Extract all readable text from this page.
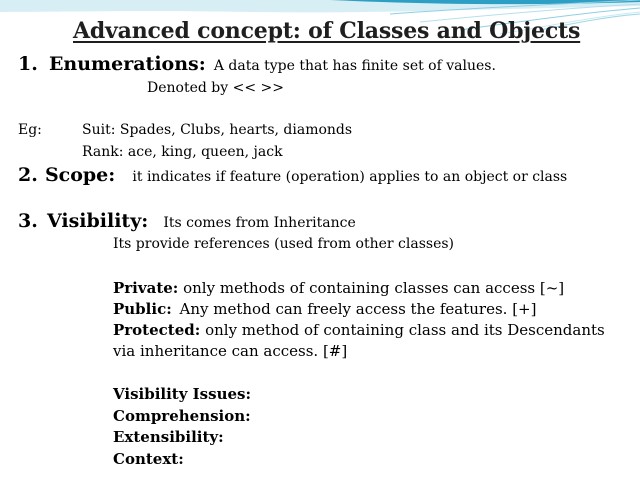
Advanced concept: of Classes and Objects
1. Enumerations: A data type that has finite set of values.
Denoted by << >>
Eg:	Suit: Spades, Clubs, hearts, diamonds
Rank: ace, king, queen, jack
2. Scope: it indicates if feature (operation) applies to an object or class
3. Visibility: Its comes from Inheritance
Its provide references (used from other classes)
Private: only methods of containing classes can access [~]
Public: Any method can freely access the features. [+]
Protected: only method of containing class and its Descendants
via inheritance can access. [#]
Visibility Issues:
Comprehension:
Extensibility:
Context:
